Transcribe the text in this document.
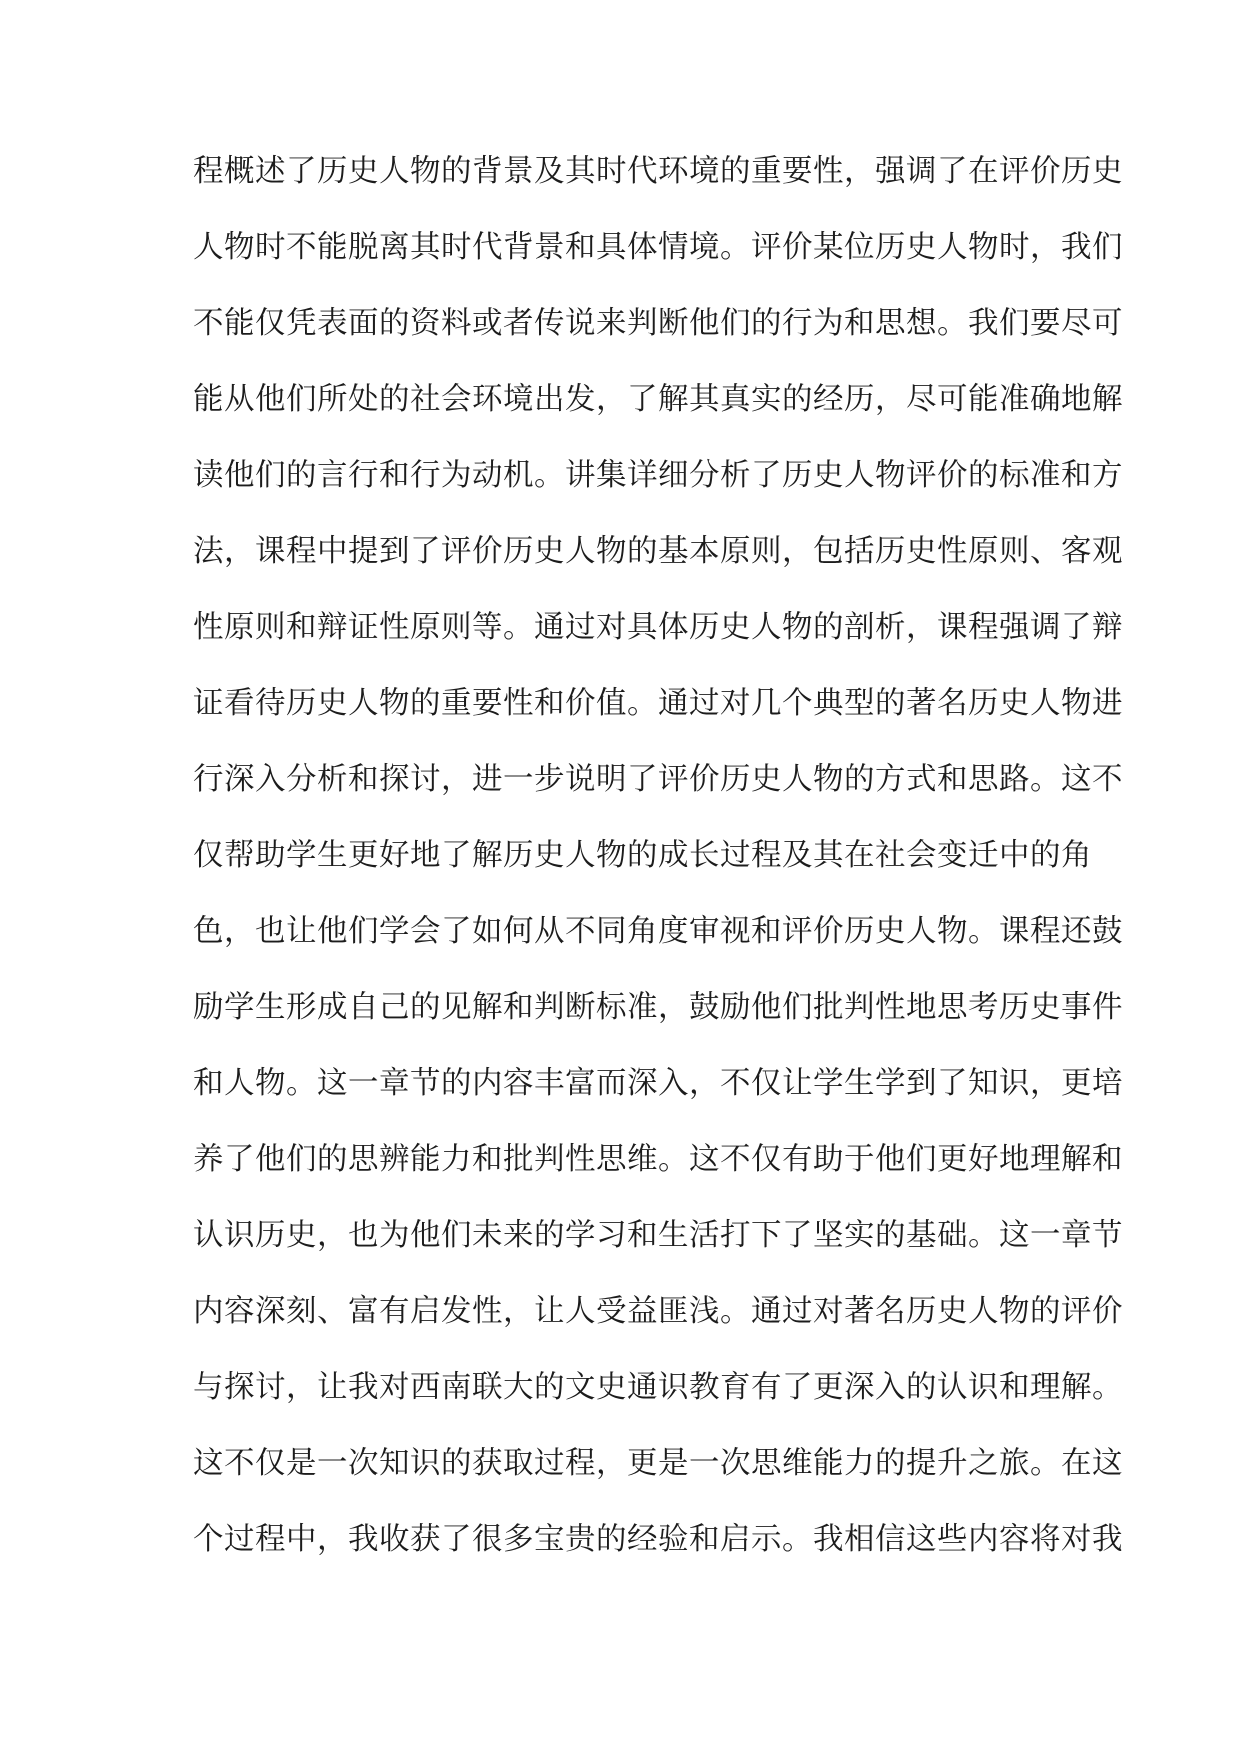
程概述了历史人物的背景及其时代环境的重要性，强调了在评价历史
人物时不能脱离其时代背景和具体情境。评价某位历史人物时，我们
不能仅凭表面的资料或者传说来判断他们的行为和思想。我们要尽可
能从他们所处的社会环境出发，了解其真实的经历，尽可能准确地解
读他们的言行和行为动机。讲集详细分析了历史人物评价的标准和方
法，课程中提到了评价历史人物的基本原则，包括历史性原则、客观
性原则和辩证性原则等。通过对具体历史人物的剖析，课程强调了辩
证看待历史人物的重要性和价值。通过对几个典型的著名历史人物进
行深入分析和探讨，进一步说明了评价历史人物的方式和思路。这不
仅帮助学生更好地了解历史人物的成长过程及其在社会变迁中的角
色，也让他们学会了如何从不同角度审视和评价历史人物。课程还鼓
励学生形成自己的见解和判断标准，鼓励他们批判性地思考历史事件
和人物。这一章节的内容丰富而深入，不仅让学生学到了知识，更培
养了他们的思辨能力和批判性思维。这不仅有助于他们更好地理解和
认识历史，也为他们未来的学习和生活打下了坚实的基础。这一章节
内容深刻、富有启发性，让人受益匪浅。通过对著名历史人物的评价
与探讨，让我对西南联大的文史通识教育有了更深入的认识和理解。
这不仅是一次知识的获取过程，更是一次思维能力的提升之旅。在这
个过程中，我收获了很多宝贵的经验和启示。我相信这些内容将对我
